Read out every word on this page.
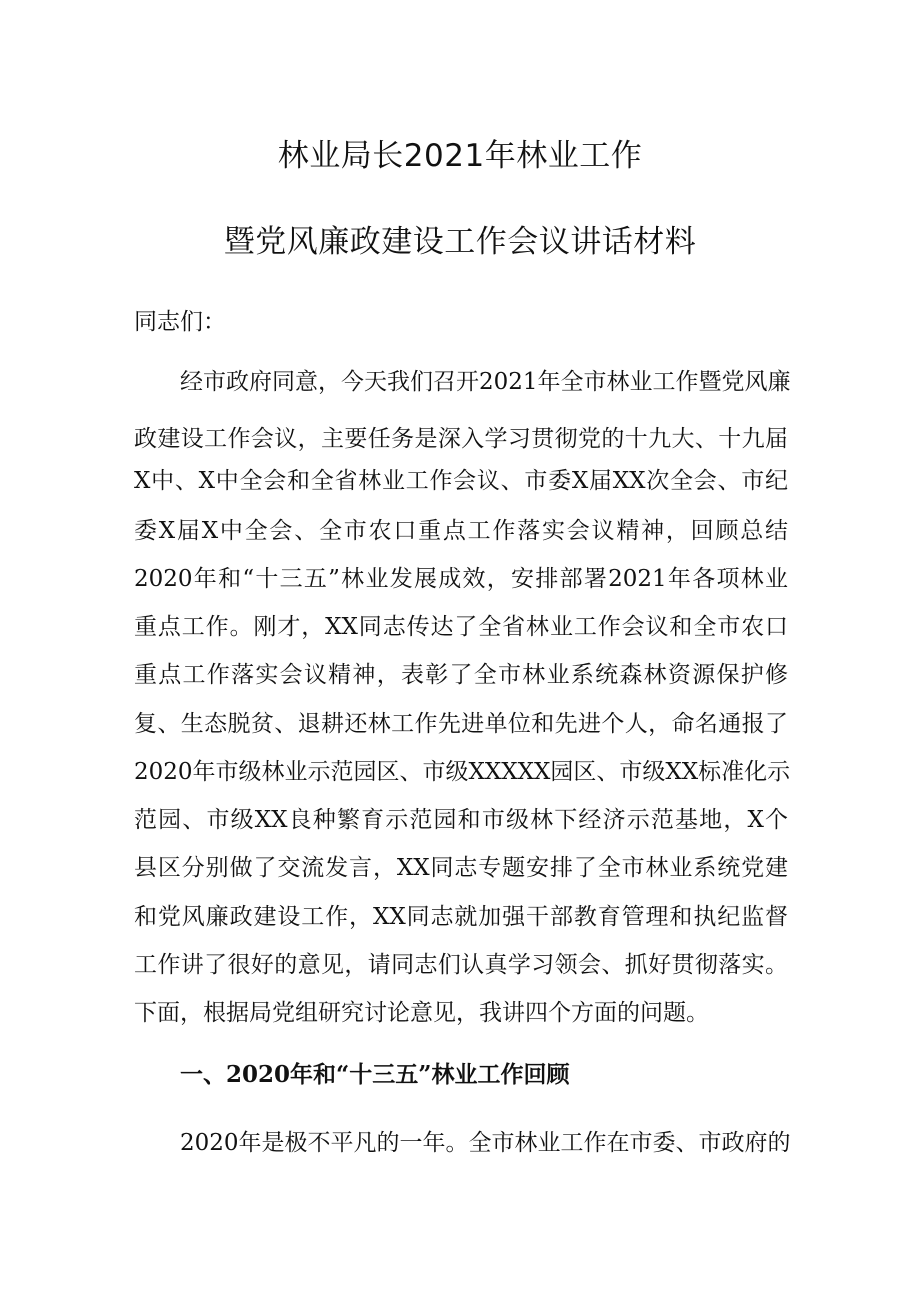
林业局长2021年林业工作
暨党风廉政建设工作会议讲话材料
同志们：
经市政府同意，今天我们召开2021年全市林业工作暨党风廉
政建设工作会议，主要任务是深入学习贯彻党的十九大、十九届
X中、X中全会和全省林业工作会议、市委X届XX次全会、市纪
委X届X中全会、全市农口重点工作落实会议精神，回顾总结
2020年和“十三五”林业发展成效，安排部署2021年各项林业
重点工作。刚才，XX同志传达了全省林业工作会议和全市农口
重点工作落实会议精神，表彰了全市林业系统森林资源保护修
复、生态脱贫、退耕还林工作先进单位和先进个人，命名通报了
2020年市级林业示范园区、市级XXXXX园区、市级XX标准化示
范园、市级XX良种繁育示范园和市级林下经济示范基地，X个
县区分别做了交流发言，XX同志专题安排了全市林业系统党建
和党风廉政建设工作，XX同志就加强干部教育管理和执纪监督
工作讲了很好的意见，请同志们认真学习领会、抓好贯彻落实。
下面，根据局党组研究讨论意见，我讲四个方面的问题。
一、2020年和“十三五”林业工作回顾
2020年是极不平凡的一年。全市林业工作在市委、市政府的
